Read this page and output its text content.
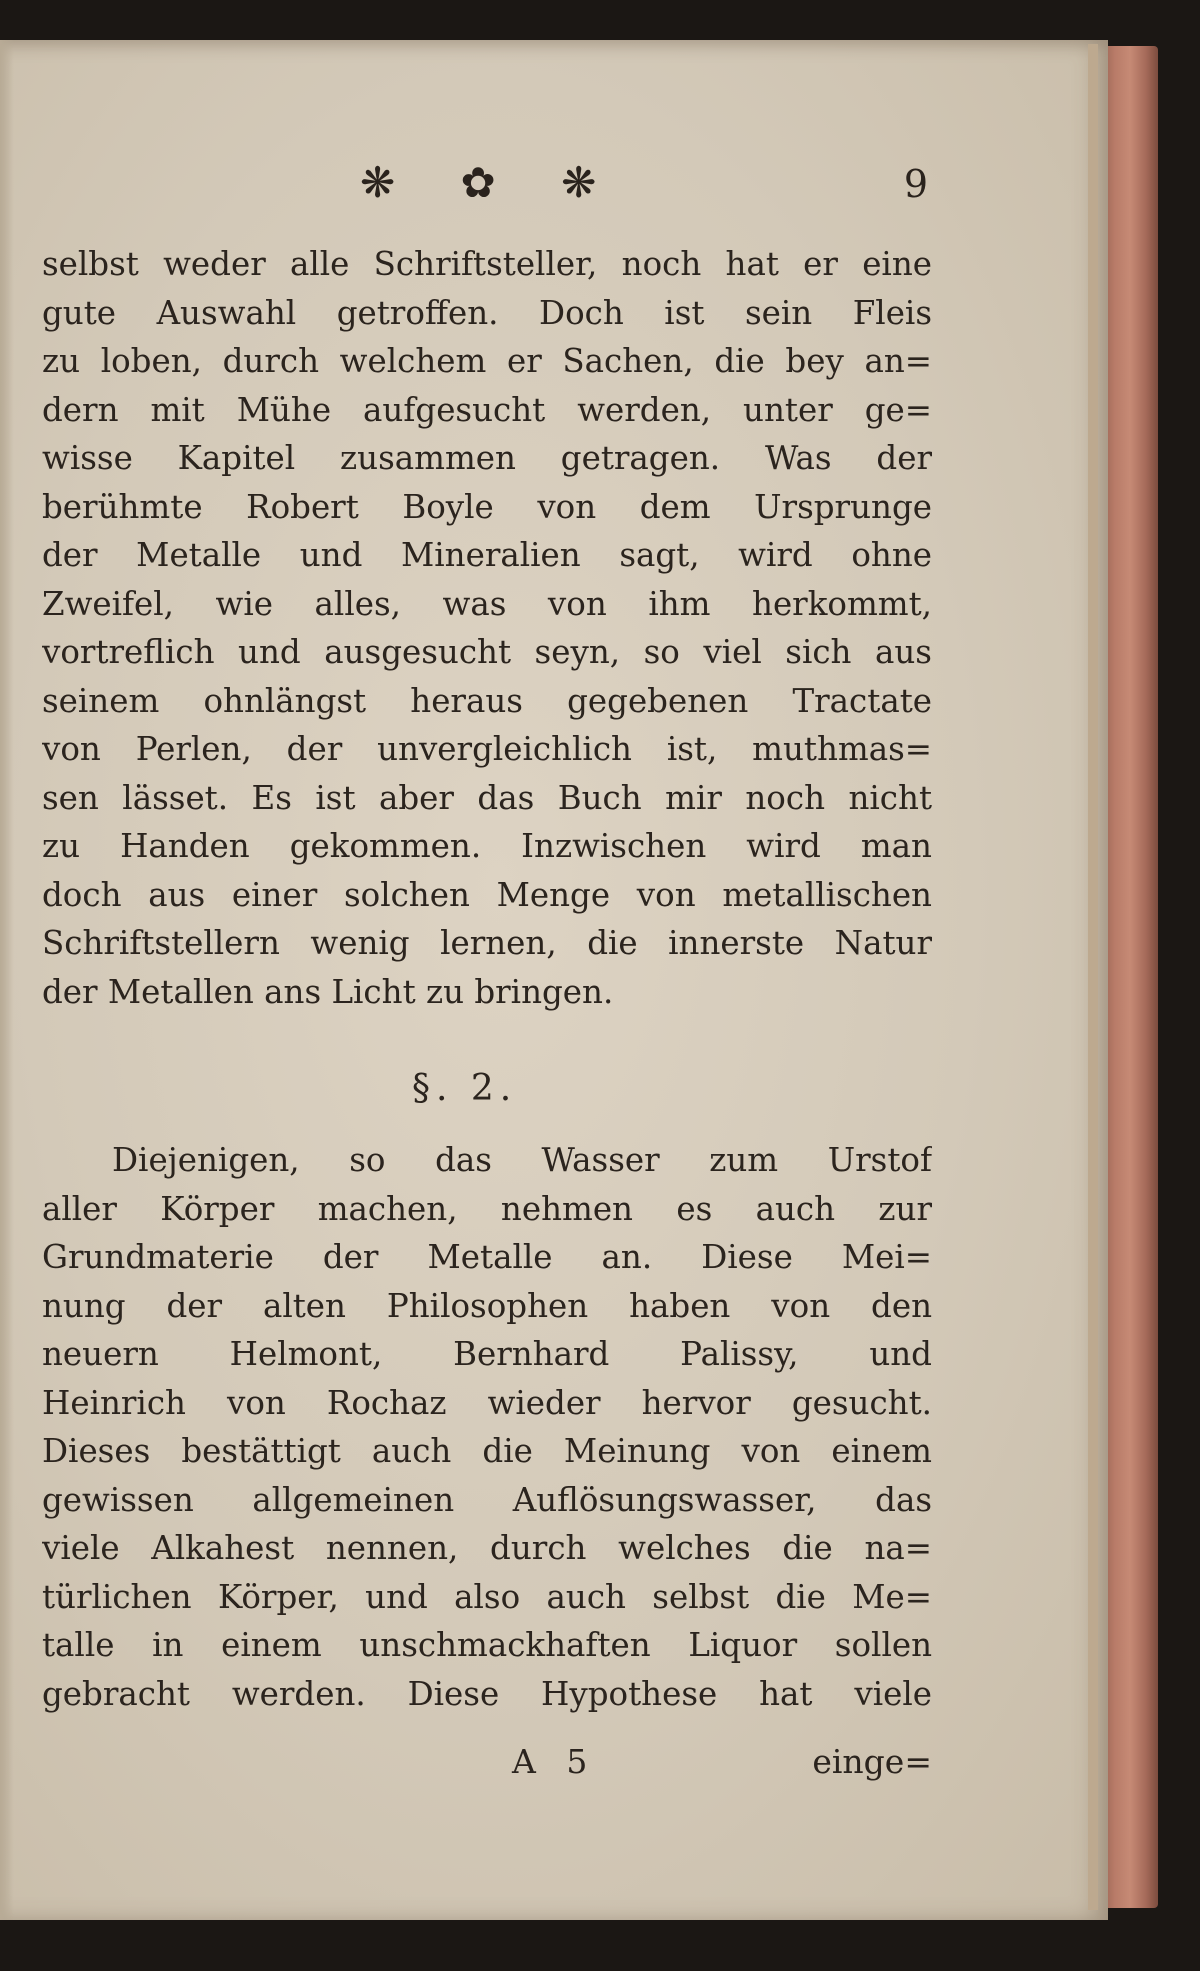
❋ ✿ ❋	9
selbst weder alle Schriftsteller, noch hat er eine
gute Auswahl getroffen. Doch ist sein Fleis
zu loben, durch welchem er Sachen, die bey an=
dern mit Mühe aufgesucht werden, unter ge=
wisse Kapitel zusammen getragen. Was der
berühmte Robert Boyle von dem Ursprunge
der Metalle und Mineralien sagt, wird ohne
Zweifel, wie alles, was von ihm herkommt,
vortreflich und ausgesucht seyn, so viel sich aus
seinem ohnlängst heraus gegebenen Tractate
von Perlen, der unvergleichlich ist, muthmas=
sen lässet. Es ist aber das Buch mir noch nicht
zu Handen gekommen. Inzwischen wird man
doch aus einer solchen Menge von metallischen
Schriftstellern wenig lernen, die innerste Natur
der Metallen ans Licht zu bringen.
§. 2.
Diejenigen, so das Wasser zum Urstof
aller Körper machen, nehmen es auch zur
Grundmaterie der Metalle an. Diese Mei=
nung der alten Philosophen haben von den
neuern Helmont, Bernhard Palissy, und
Heinrich von Rochaz wieder hervor gesucht.
Dieses bestättigt auch die Meinung von einem
gewissen allgemeinen Auflösungswasser, das
viele Alkahest nennen, durch welches die na=
türlichen Körper, und also auch selbst die Me=
talle in einem unschmackhaften Liquor sollen
gebracht werden. Diese Hypothese hat viele
A 5	einge=
